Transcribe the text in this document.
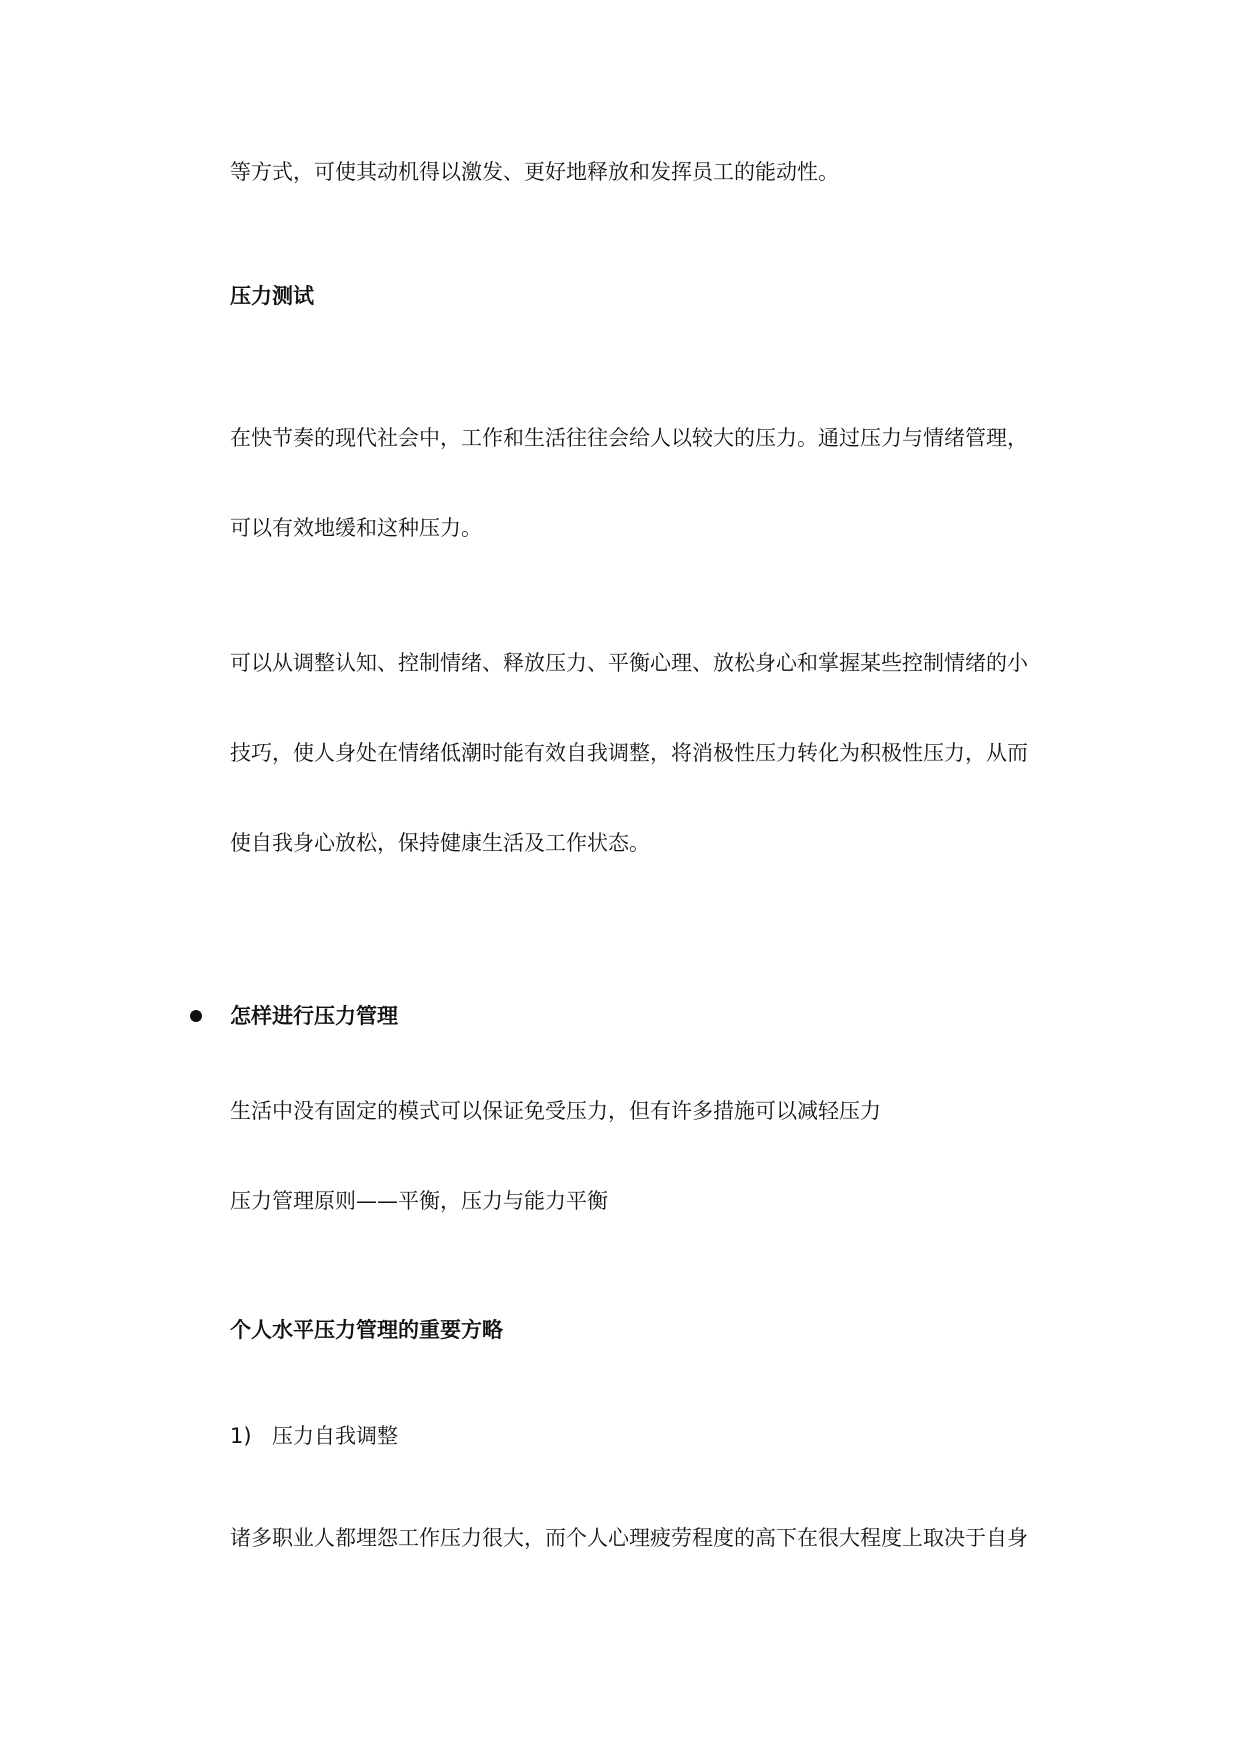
等方式，可使其动机得以激发、更好地释放和发挥员工的能动性。
压力测试
在快节奏的现代社会中，工作和生活往往会给人以较大的压力。通过压力与情绪管理，
可以有效地缓和这种压力。
可以从调整认知、控制情绪、释放压力、平衡心理、放松身心和掌握某些控制情绪的小
技巧，使人身处在情绪低潮时能有效自我调整，将消极性压力转化为积极性压力，从而
使自我身心放松，保持健康生活及工作状态。
怎样进行压力管理
生活中没有固定的模式可以保证免受压力，但有许多措施可以减轻压力
压力管理原则——平衡，压力与能力平衡
个人水平压力管理的重要方略
1) 压力自我调整
诸多职业人都埋怨工作压力很大，而个人心理疲劳程度的高下在很大程度上取决于自身
